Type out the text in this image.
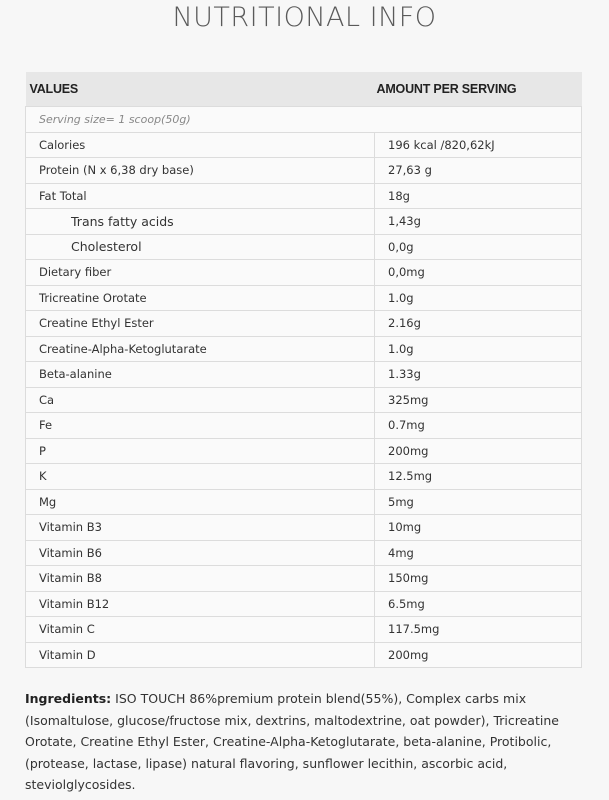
NUTRITIONAL INFO
VALUES	AMOUNT PER SERVING
Serving size= 1 scoop(50g)	
Calories	196 kcal /820,62kJ
Protein (N x 6,38 dry base)	27,63 g
Fat Total	18g
Trans fatty acids	1,43g
Cholesterol	0,0g
Dietary fiber	0,0mg
Tricreatine Orotate	1.0g
Creatine Ethyl Ester	2.16g
Creatine-Alpha-Ketoglutarate	1.0g
Beta-alanine	1.33g
Ca	325mg
Fe	0.7mg
P	200mg
K	12.5mg
Mg	5mg
Vitamin B3	10mg
Vitamin B6	4mg
Vitamin B8	150mg
Vitamin B12	6.5mg
Vitamin C	117.5mg
Vitamin D	200mg
Ingredients: ISO TOUCH 86%premium protein blend(55%), Complex carbs mix (Isomaltulose, glucose/fructose mix, dextrins, maltodextrine, oat powder), Tricreatine Orotate, Creatine Ethyl Ester, Creatine-Alpha-Ketoglutarate, beta-alanine, Protibolic, (protease, lactase, lipase) natural flavoring, sunflower lecithin, ascorbic acid, steviolglycosides.
